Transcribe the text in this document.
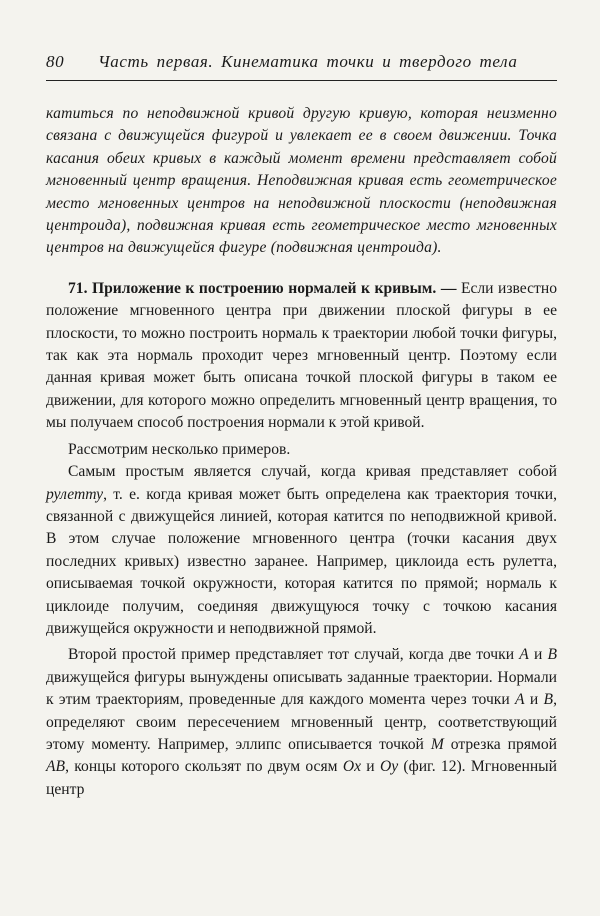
80	Часть первая. Кинематика точки и твердого тела

катиться по неподвижной кривой другую кривую, которая неизменно связана с движущейся фигурой и увлекает ее в своем движении. Точка касания обеих кривых в каждый момент времени представляет собой мгновенный центр вращения. Неподвижная кривая есть геометрическое место мгновенных центров на неподвижной плоскости (неподвижная центроида), подвижная кривая есть геометрическое место мгновенных центров на движущейся фигуре (подвижная центроида).

71. Приложение к построению нормалей к кривым. — Если известно положение мгновенного центра при движении плоской фигуры в ее плоскости, то можно построить нормаль к траектории любой точки фигуры, так как эта нормаль проходит через мгновенный центр. Поэтому если данная кривая может быть описана точкой плоской фигуры в таком ее движении, для которого можно определить мгновенный центр вращения, то мы получаем способ построения нормали к этой кривой.

Рассмотрим несколько примеров.

Самым простым является случай, когда кривая представляет собой рулетту, т. е. когда кривая может быть определена как траектория точки, связанной с движущейся линией, которая катится по неподвижной кривой. В этом случае положение мгновенного центра (точки касания двух последних кривых) известно заранее. Например, циклоида есть рулетта, описываемая точкой окружности, которая катится по прямой; нормаль к циклоиде получим, соединяя движущуюся точку с точкою касания движущейся окружности и неподвижной прямой.

Второй простой пример представляет тот случай, когда две точки A и B движущейся фигуры вынуждены описывать заданные траектории. Нормали к этим траекториям, проведенные для каждого момента через точки A и B, определяют своим пересечением мгновенный центр, соответствующий этому моменту. Например, эллипс описывается точкой M отрезка прямой AB, концы которого скользят по двум осям Ox и Oy (фиг. 12). Мгновенный центр
